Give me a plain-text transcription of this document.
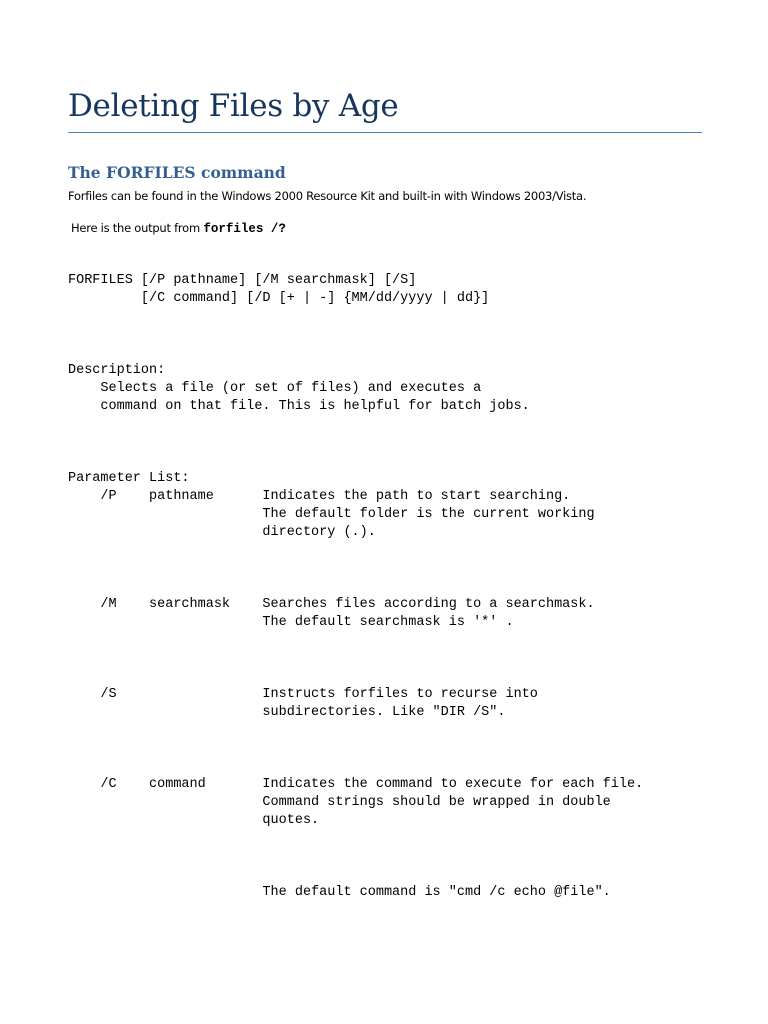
Deleting Files by Age
The FORFILES command

Forfiles can be found in the Windows 2000 Resource Kit and built-in with Windows 2003/Vista.

Here is the output from forfiles /?

FORFILES [/P pathname] [/M searchmask] [/S]
[/C command] [/D [+ | -] {MM/dd/yyyy | dd}]

Description:
Selects a file (or set of files) and executes a
command on that file. This is helpful for batch jobs.

Parameter List:
/P    pathname      Indicates the path to start searching.
The default folder is the current working
directory (.).

/M    searchmask    Searches files according to a searchmask.
The default searchmask is '*' .

/S                  Instructs forfiles to recurse into
subdirectories. Like "DIR /S".

/C    command       Indicates the command to execute for each file.
Command strings should be wrapped in double
quotes.

The default command is "cmd /c echo @file".
